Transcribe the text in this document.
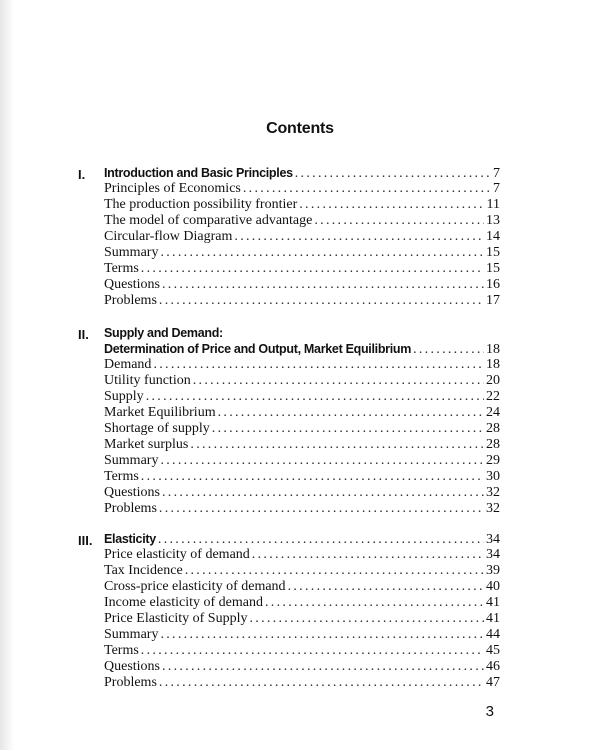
Contents
I. Introduction and Basic Principles . . .	7
Principles of Economics . . .	7
The production possibility frontier . . .	11
The model of comparative advantage . . .	13
Circular-flow Diagram . . .	14
Summary . . .	15
Terms . . .	15
Questions . . .	16
Problems . . .	17
II. Supply and Demand:
Determination of Price and Output, Market Equilibrium . . .	18
Demand . . .	18
Utility function . . .	20
Supply . . .	22
Market Equilibrium . . .	24
Shortage of supply . . .	28
Market surplus . . .	28
Summary . . .	29
Terms . . .	30
Questions . . .	32
Problems . . .	32
III. Elasticity . . .	34
Price elasticity of demand . . .	34
Tax Incidence . . .	39
Cross-price elasticity of demand . . .	40
Income elasticity of demand . . .	41
Price Elasticity of Supply . . .	41
Summary . . .	44
Terms . . .	45
Questions . . .	46
Problems . . .	47
3
